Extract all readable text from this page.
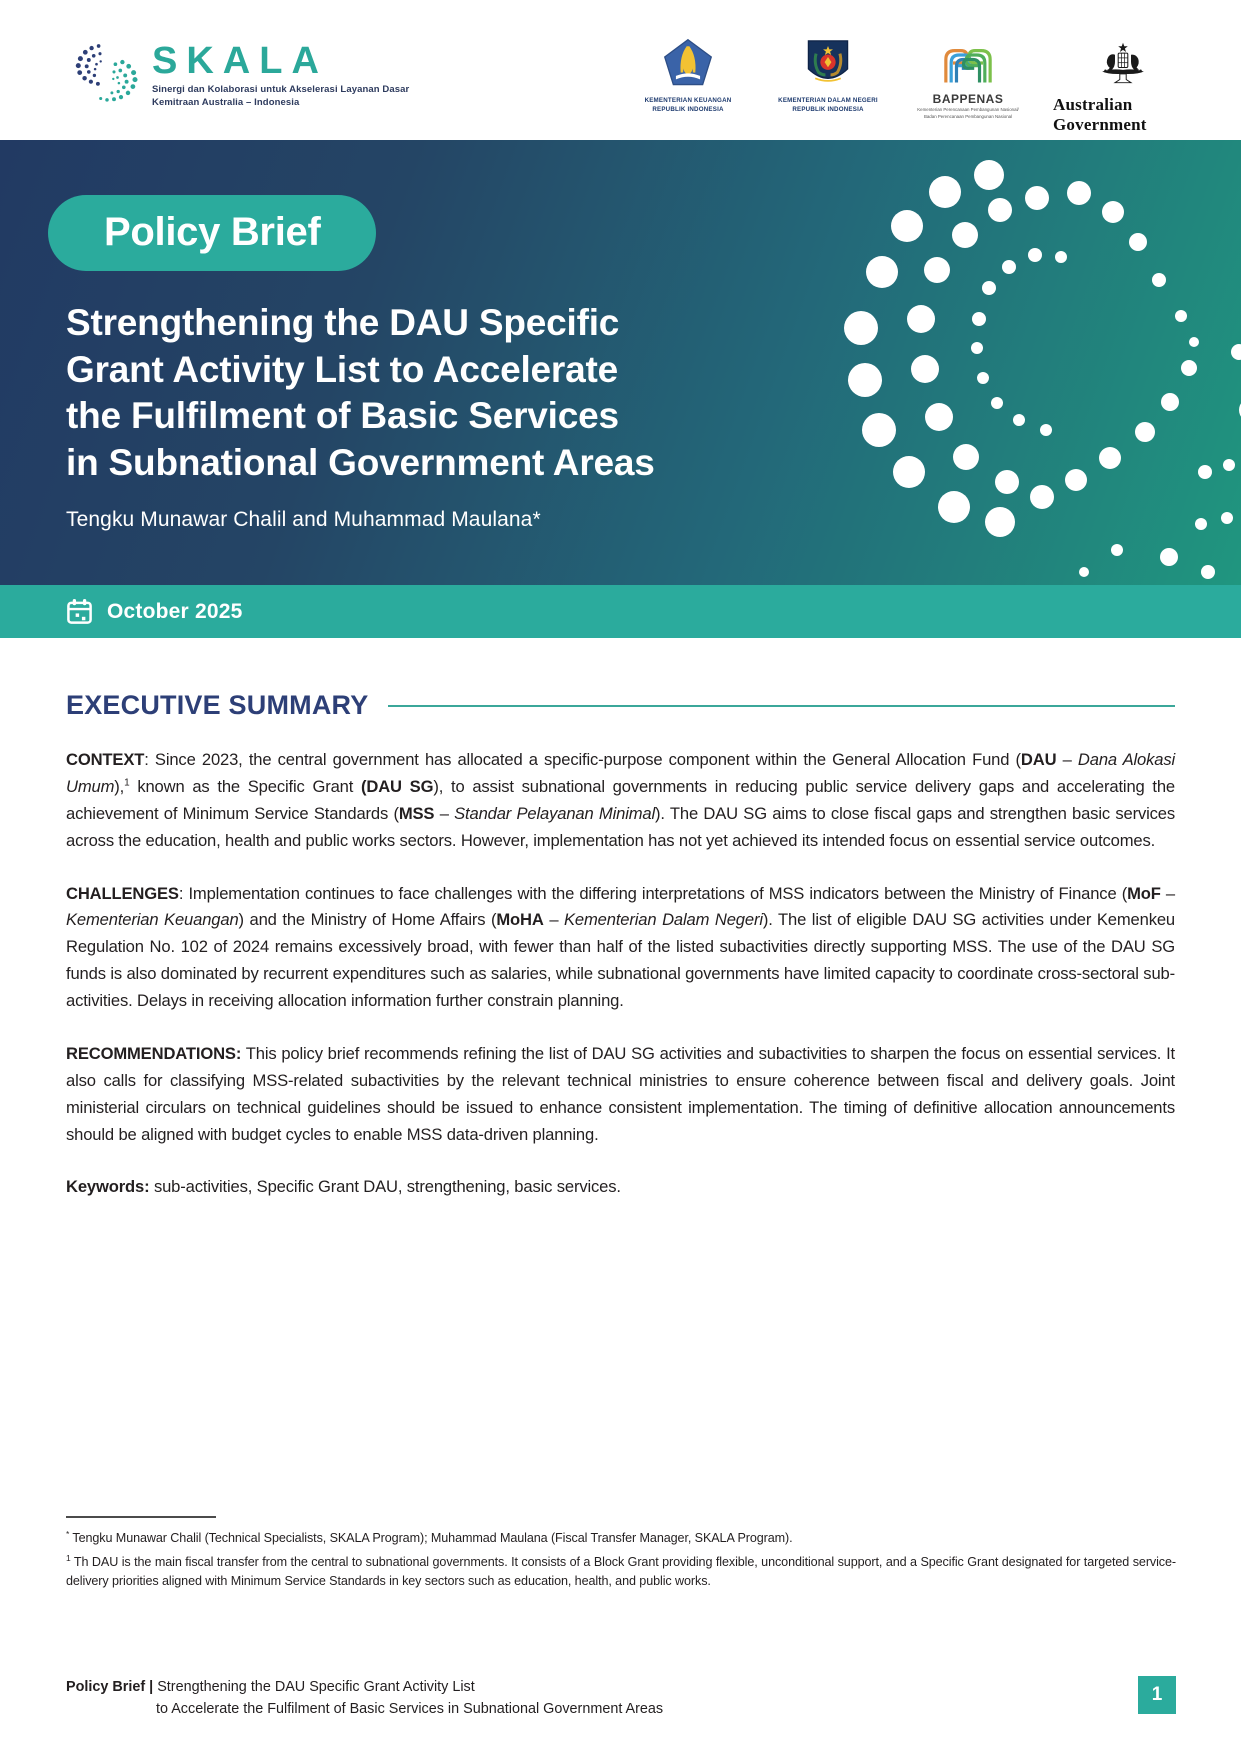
SKALA
Sinergi dan Kolaborasi untuk Akselerasi Layanan Dasar
Kemitraan Australia – Indonesia	KEMENTERIAN KEUANGAN
REPUBLIK INDONESIA
KEMENTERIAN DALAM NEGERI
REPUBLIK INDONESIA
BAPPENAS
Kementerian Perencanaan Pembangunan Nasional/
Badan Perencanaan Pembangunan Nasional
Australian Government
Policy Brief
Strengthening the DAU Specific
Grant Activity List to Accelerate
the Fulfilment of Basic Services
in Subnational Government Areas
Tengku Munawar Chalil and Muhammad Maulana*
October 2025
EXECUTIVE SUMMARY

CONTEXT: Since 2023, the central government has allocated a specific-purpose component within the General Allocation Fund (DAU – Dana Alokasi Umum),$^1$ known as the Specific Grant (DAU SG), to assist subnational governments in reducing public service delivery gaps and accelerating the achievement of Minimum Service Standards (MSS – Standar Pelayanan Minimal). The DAU SG aims to close fiscal gaps and strengthen basic services across the education, health and public works sectors. However, implementation has not yet achieved its intended focus on essential service outcomes.

CHALLENGES: Implementation continues to face challenges with the differing interpretations of MSS indicators between the Ministry of Finance (MoF – Kementerian Keuangan) and the Ministry of Home Affairs (MoHA – Kementerian Dalam Negeri). The list of eligible DAU SG activities under Kemenkeu Regulation No. 102 of 2024 remains excessively broad, with fewer than half of the listed subactivities directly supporting MSS. The use of the DAU SG funds is also dominated by recurrent expenditures such as salaries, while subnational governments have limited capacity to coordinate cross-sectoral sub-activities. Delays in receiving allocation information further constrain planning.

RECOMMENDATIONS: This policy brief recommends refining the list of DAU SG activities and subactivities to sharpen the focus on essential services. It also calls for classifying MSS-related subactivities by the relevant technical ministries to ensure coherence between fiscal and delivery goals. Joint ministerial circulars on technical guidelines should be issued to enhance consistent implementation. The timing of definitive allocation announcements should be aligned with budget cycles to enable MSS data-driven planning.

Keywords: sub-activities, Specific Grant DAU, strengthening, basic services.

* Tengku Munawar Chalil (Technical Specialists, SKALA Program); Muhammad Maulana (Fiscal Transfer Manager, SKALA Program).
$^1$ Th DAU is the main fiscal transfer from the central to subnational governments. It consists of a Block Grant providing flexible, unconditional support, and a Specific Grant designated for targeted service-delivery priorities aligned with Minimum Service Standards in key sectors such as education, health, and public works.
Policy Brief | Strengthening the DAU Specific Grant Activity List
to Accelerate the Fulfilment of Basic Services in Subnational Government Areas
1
